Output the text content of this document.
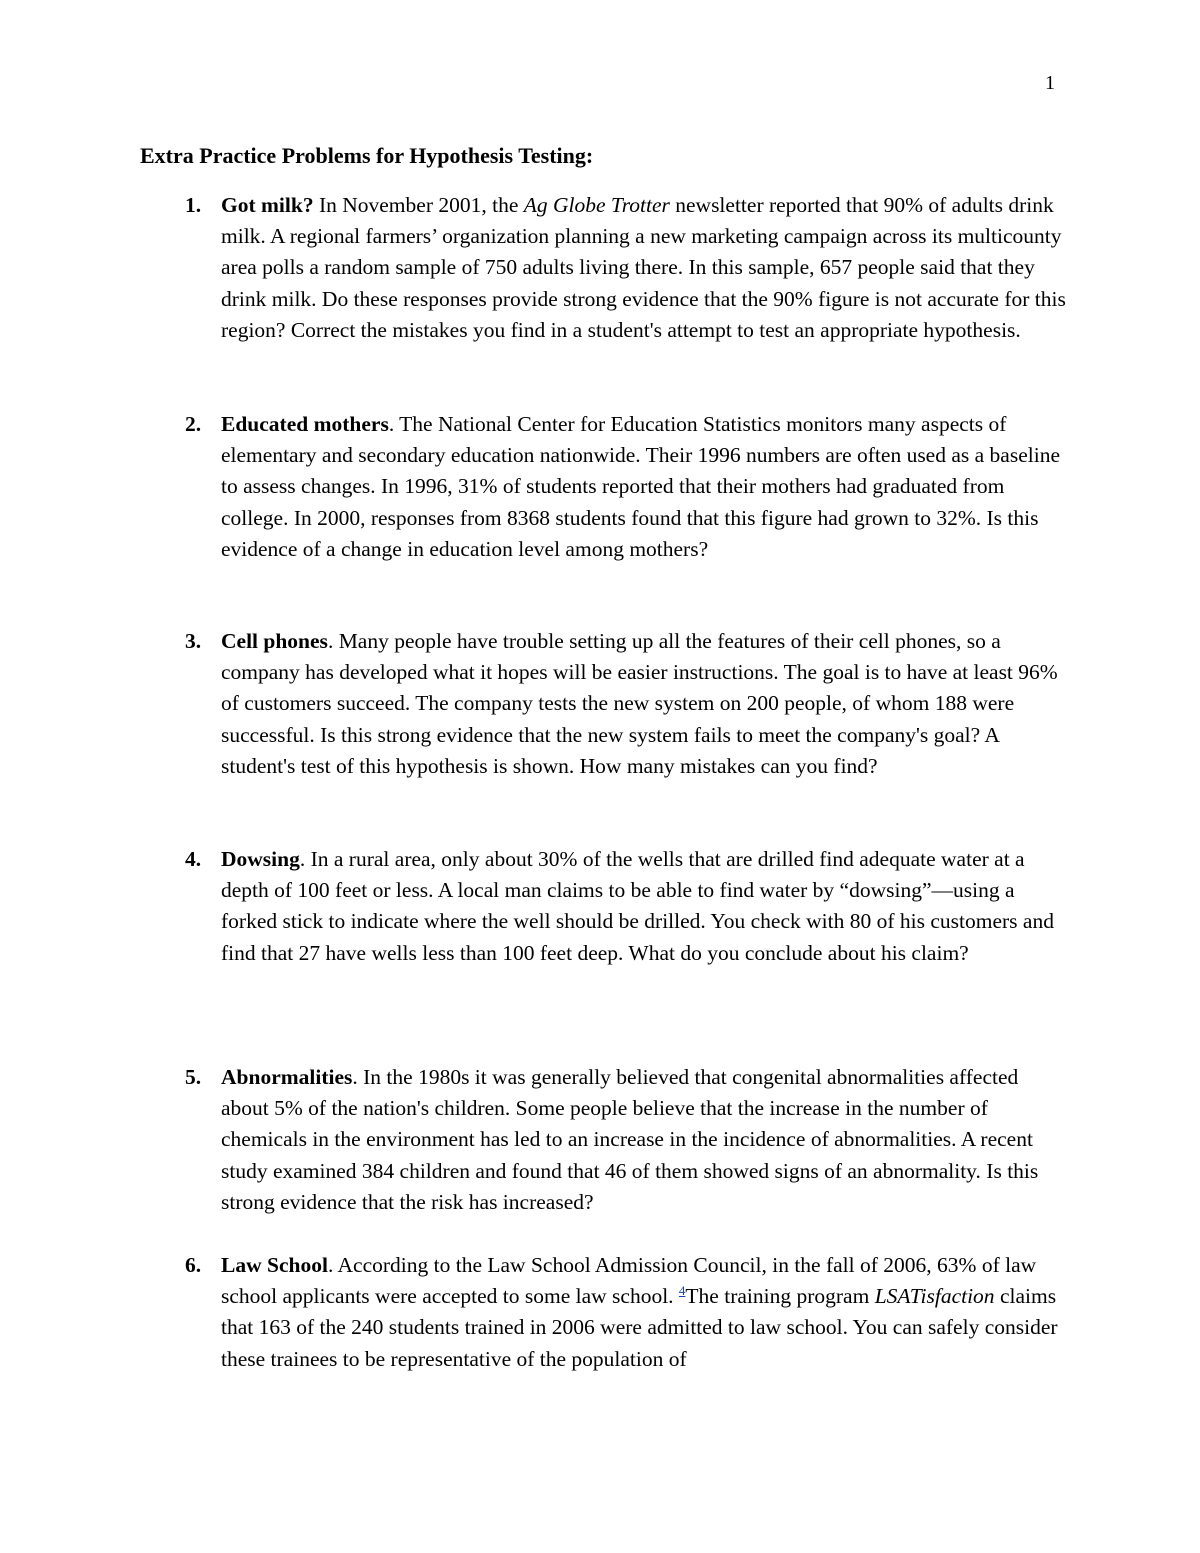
1
Extra Practice Problems for Hypothesis Testing:
1. Got milk? In November 2001, the Ag Globe Trotter newsletter reported that 90% of adults drink milk. A regional farmers’ organization planning a new marketing campaign across its multicounty area polls a random sample of 750 adults living there. In this sample, 657 people said that they drink milk. Do these responses provide strong evidence that the 90% figure is not accurate for this region? Correct the mistakes you find in a student's attempt to test an appropriate hypothesis.
2. Educated mothers. The National Center for Education Statistics monitors many aspects of elementary and secondary education nationwide. Their 1996 numbers are often used as a baseline to assess changes. In 1996, 31% of students reported that their mothers had graduated from college. In 2000, responses from 8368 students found that this figure had grown to 32%. Is this evidence of a change in education level among mothers?
3. Cell phones. Many people have trouble setting up all the features of their cell phones, so a company has developed what it hopes will be easier instructions. The goal is to have at least 96% of customers succeed. The company tests the new system on 200 people, of whom 188 were successful. Is this strong evidence that the new system fails to meet the company's goal? A student's test of this hypothesis is shown. How many mistakes can you find?
4. Dowsing. In a rural area, only about 30% of the wells that are drilled find adequate water at a depth of 100 feet or less. A local man claims to be able to find water by “dowsing”—using a forked stick to indicate where the well should be drilled. You check with 80 of his customers and find that 27 have wells less than 100 feet deep. What do you conclude about his claim?
5. Abnormalities. In the 1980s it was generally believed that congenital abnormalities affected about 5% of the nation's children. Some people believe that the increase in the number of chemicals in the environment has led to an increase in the incidence of abnormalities. A recent study examined 384 children and found that 46 of them showed signs of an abnormality. Is this strong evidence that the risk has increased?
6. Law School. According to the Law School Admission Council, in the fall of 2006, 63% of law school applicants were accepted to some law school. $^4$The training program LSATisfaction claims that 163 of the 240 students trained in 2006 were admitted to law school. You can safely consider these trainees to be representative of the population of
